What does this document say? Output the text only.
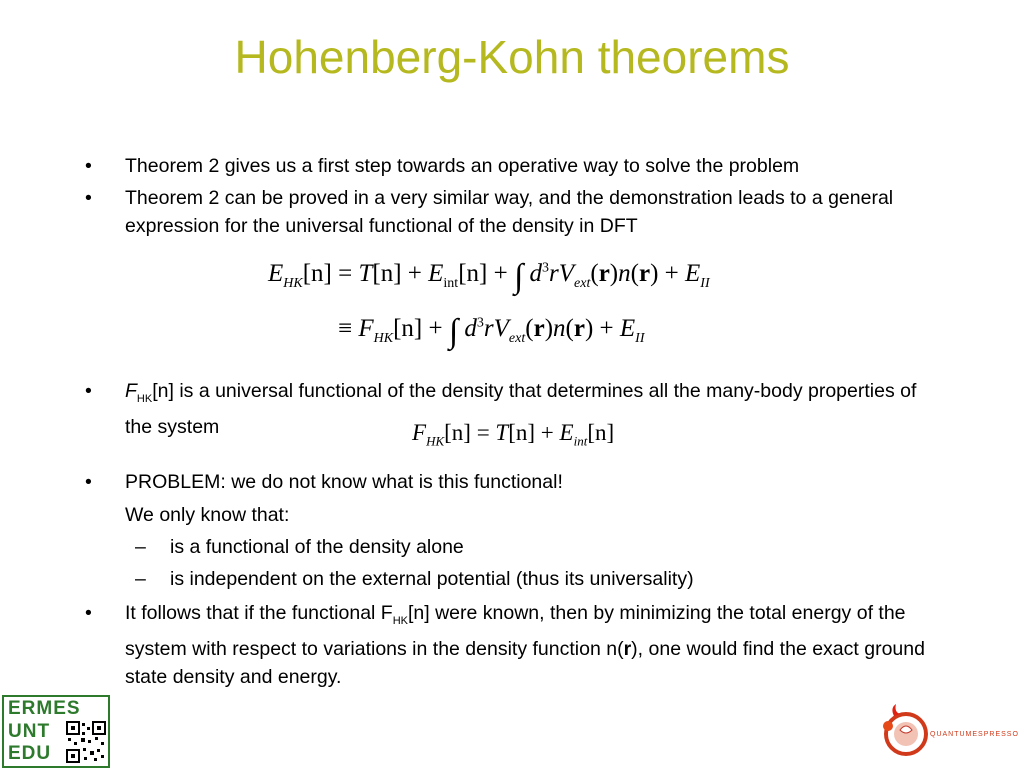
Hohenberg-Kohn theorems
•	Theorem 2 gives us a first step towards an operative way to solve the problem
•	Theorem 2 can be proved in a very similar way, and the demonstration leads to a general expression for the universal functional of the density in DFT
$E_{HK}[n] = T[n] + E_{int}[n]$ + ∫ $d^3rV_{ext}(r)n(r) + E_{II}$
≡ $F_{HK}[n]$ + ∫ $d^3rV_{ext}(r)n(r) + E_{II}$
•	$F_{HK}[n]$ is a universal functional of the density that determines all the many-body properties of the system	$F_{HK}[n] = T[n] + E_{int}[n]$
•	PROBLEM: we do not know what is this functional!
We only know that:
– is a functional of the density alone
– is independent on the external potential (thus its universality)
•	It follows that if the functional $F_{HK}[n]$ were known, then by minimizing the total energy of the system with respect to variations in the density function n(r), one would find the exact ground state density and energy.
ERMES
UNT
EDU
QUANTUMESPRESSO
